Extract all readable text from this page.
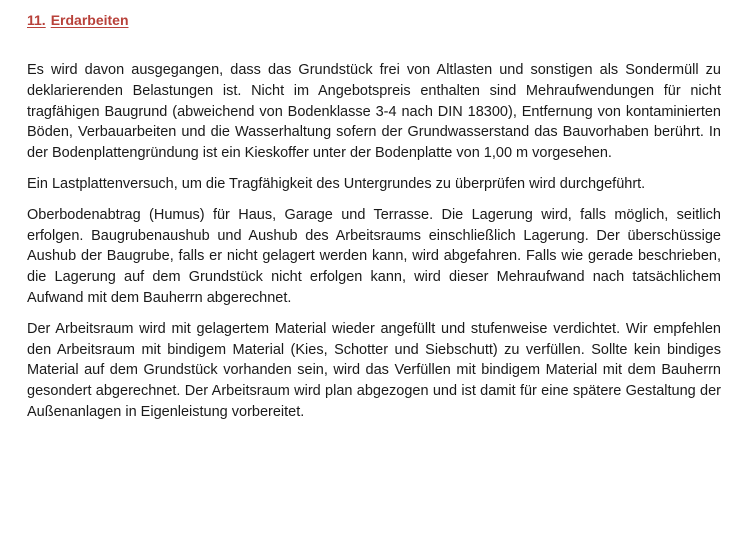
11. Erdarbeiten

Es wird davon ausgegangen, dass das Grundstück frei von Altlasten und sonstigen als Sondermüll zu deklarierenden Belastungen ist. Nicht im Angebotspreis enthalten sind Mehraufwendungen für nicht tragfähigen Baugrund (abweichend von Bodenklasse 3-4 nach DIN 18300), Entfernung von kontaminierten Böden, Verbauarbeiten und die Wasserhaltung sofern der Grundwasserstand das Bauvorhaben berührt. In der Bodenplattengründung ist ein Kieskoffer unter der Bodenplatte von 1,00 m vorgesehen.

Ein Lastplattenversuch, um die Tragfähigkeit des Untergrundes zu überprüfen wird durchgeführt.

Oberbodenabtrag (Humus) für Haus, Garage und Terrasse. Die Lagerung wird, falls möglich, seitlich erfolgen. Baugrubenaushub und Aushub des Arbeitsraums einschließlich Lagerung. Der überschüssige Aushub der Baugrube, falls er nicht gelagert werden kann, wird abgefahren. Falls wie gerade beschrieben, die Lagerung auf dem Grundstück nicht erfolgen kann, wird dieser Mehraufwand nach tatsächlichem Aufwand mit dem Bauherrn abgerechnet.

Der Arbeitsraum wird mit gelagertem Material wieder angefüllt und stufenweise verdichtet. Wir empfehlen den Arbeitsraum mit bindigem Material (Kies, Schotter und Siebschutt) zu verfüllen. Sollte kein bindiges Material auf dem Grundstück vorhanden sein, wird das Verfüllen mit bindigem Material mit dem Bauherrn gesondert abgerechnet. Der Arbeitsraum wird plan abgezogen und ist damit für eine spätere Gestaltung der Außenanlagen in Eigenleistung vorbereitet.
